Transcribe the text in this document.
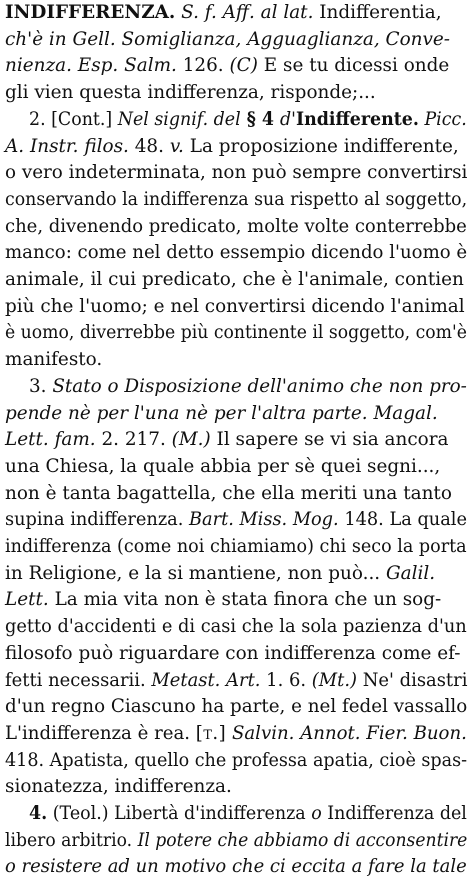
INDIFFERENZA. S. f. Aff. al lat. Indifferentia,
ch'è in Gell. Somiglianza, Agguaglianza, Conve-
nienza. Esp. Salm. 126. (C) E se tu dicessi onde
gli vien questa indifferenza, risponde;...
2. [Cont.] Nel signif. del § 4 d'Indifferente. Picc.
A. Instr. filos. 48. v. La proposizione indifferente,
o vero indeterminata, non può sempre convertirsi
conservando la indifferenza sua rispetto al soggetto,
che, divenendo predicato, molte volte conterrebbe
manco: come nel detto essempio dicendo l'uomo è
animale, il cui predicato, che è l'animale, contien
più che l'uomo; e nel convertirsi dicendo l'animal
è uomo, diverrebbe più continente il soggetto, com'è
manifesto.
3. Stato o Disposizione dell'animo che non pro-
pende nè per l'una nè per l'altra parte. Magal.
Lett. fam. 2. 217. (M.) Il sapere se vi sia ancora
una Chiesa, la quale abbia per sè quei segni...,
non è tanta bagattella, che ella meriti una tanto
supina indifferenza. Bart. Miss. Mog. 148. La quale
indifferenza (come noi chiamiamo) chi seco la porta
in Religione, e la si mantiene, non può... Galil.
Lett. La mia vita non è stata finora che un sog-
getto d'accidenti e di casi che la sola pazienza d'un
filosofo può riguardare con indifferenza come ef-
fetti necessarii. Metast. Art. 1. 6. (Mt.) Ne' disastri
d'un regno Ciascuno ha parte, e nel fedel vassallo
L'indifferenza è rea. [t.] Salvin. Annot. Fier. Buon.
418. Apatista, quello che professa apatia, cioè spas-
sionatezza, indifferenza.
4. (Teol.) Libertà d'indifferenza o Indifferenza del
libero arbitrio. Il potere che abbiamo di acconsentire
o resistere ad un motivo che ci eccita a fare la tale
